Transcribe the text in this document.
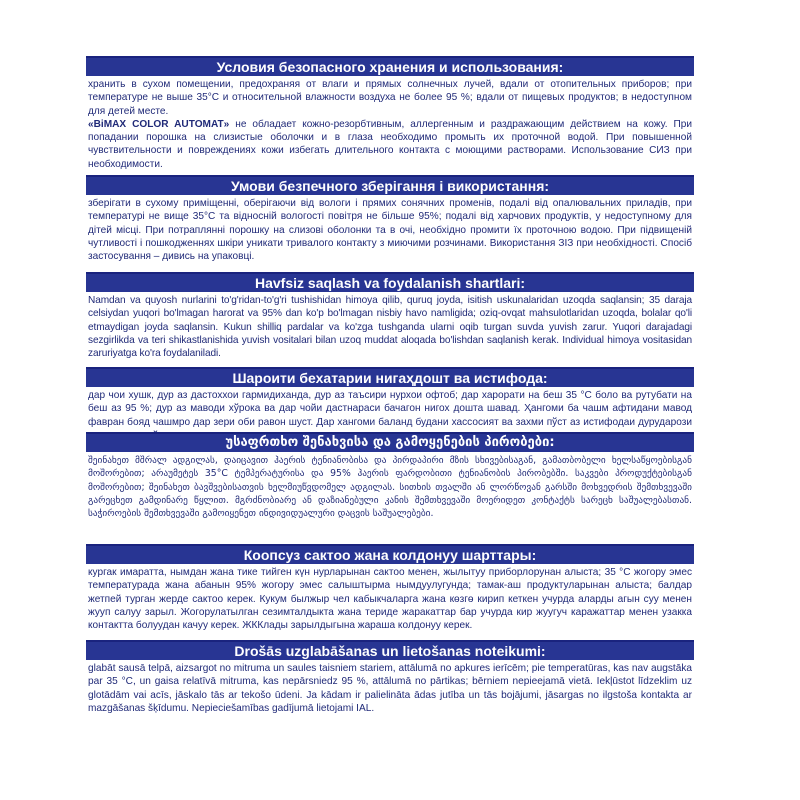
Условия безопасного хранения и использования:
хранить в сухом помещении, предохраняя от влаги и прямых солнечных лучей, вдали от отопительных приборов; при температуре не выше 35°С и относительной влажности воздуха не более 95 %; вдали от пищевых продуктов; в недоступном для детей месте.
«BiMAX COLOR AUTOMAT» не обладает кожно-резорбтивным, аллергенным и раздражающим действием на кожу. При попадании порошка на слизистые оболочки и в глаза необходимо промыть их проточной водой. При повышенной чувствительности и повреждениях кожи избегать длительного контакта с моющими растворами. Использование СИЗ при необходимости.
Умови безпечного зберігання і використання:
зберігати в сухому приміщенні, оберігаючи від вологи і прямих сонячних променів, подалі від опалювальних приладів, при температурі не вище 35°С та відносній вологості повітря не більше 95%; подалі від харчових продуктів, у недоступному для дітей місці. При потраплянні порошку на слизові оболонки та в очі, необхідно промити їх проточною водою. При підвищеній чутливості і пошкодженнях шкіри уникати тривалого контакту з миючими розчинами. Використання ЗІЗ при необхідності. Спосіб застосування – дивись на упаковці.
Havfsiz saqlash va foydalanish shartlari:
Namdan va quyosh nurlarini to'g'ridan-to'g'ri tushishidan himoya qilib, quruq joyda, isitish uskunalaridan uzoqda saqlansin; 35 daraja celsiydan yuqori bo'lmagan harorat va 95% dan ko'p bo'lmagan nisbiy havo namligida; oziq-ovqat mahsulotlaridan uzoqda, bolalar qo'li etmaydigan joyda saqlansin. Kukun shilliq pardalar va ko'zga tushganda ularni oqib turgan suvda yuvish zarur. Yuqori darajadagi sezgirlikda va teri shikastlanishida yuvish vositalari bilan uzoq muddat aloqada bo'lishdan saqlanish kerak. Individual himoya vositasidan zaruriyatga ko'ra foydalaniladi.
Шароити бехатарии нигаҳдошт ва истифода:
дар чои хушк, дур аз дастоххои гармидиханда, дур аз таъсири нурхои офтоб; дар харорати на беш 35 °С боло ва рутубати на беш аз 95 %; дур аз маводи хўрока ва дар чойи дастнараси бачагон нигох дошта шавад. Ҳангоми ба чашм афтидани мавод фавран бояд чашмро дар зери оби равон шуст. Дар хангоми баланд будани хассосият ва захми пўст аз истифодаи дурударози
უსაფრთხო შენახვისა და გამოყენების პირობები:
შეინახეთ მშრალ ადგილას, დაიცავით ჰაერის ტენიანობისა და პირდაპირი მზის სხივებისაგან, გამათბობელი ხელსაწყოებისგან მოშორებით; არაუმეტეს 35°C ტემპერატურისა და 95% ჰაერის ფარდობითი ტენიანობის პირობებში. საკვები პროდუქტებისგან მოშორებით; შეინახეთ ბავშვებისათვის ხელმიუწვდომელ ადგილას. სითხის თვალში ან ლორწოვან გარსში მოხვედრის შემთხვევაში გარეცხეთ გამდინარე წყლით. მგრძნობიარე ან დაზიანებული კანის შემთხვევაში მოერიდეთ კონტაქტს სარეცხ საშუალებასთან. საჭიროების შემთხვევაში გამოიყენეთ ინდივიდუალური დაცვის საშუალებები.
Коопсуз сактоо жана колдонуу шарттары:
кургак имаратта, нымдан жана тике тийген күн нурларынан сактоо менен, жылытуу приборлорунан алыста; 35 °С жогору эмес температурада жана абанын 95% жогору эмес салыштырма нымдуулугунда; тамак-аш продуктуларынан алыста; балдар жетпей турган жерде сактоо керек. Кукум былжыр чел кабыкчаларга жана көзгө кирип кеткен учурда аларды агын суу менен жууп салуу зарыл. Жогорулатылган сезимталдыкта жана териде жаракаттар бар учурда кир жуугуч каражаттар менен узакка контактта болуудан качуу керек. ЖККлады зарылдыгына жараша колдонуу керек.
Drošās uzglabāšanas un lietošanas noteikumi:
glabāt sausā telpā, aizsargot no mitruma un saules taisniem stariem, attālumā no apkures ierīcēm; pie temperatūras, kas nav augstāka par 35 °C, un gaisa relatīvā mitruma, kas nepārsniedz 95 %, attālumā no pārtikas; bērniem nepieejamā vietā. Iekļūstot līdzeklim uz glotādām vai acīs, jāskalo tās ar tekošo ūdeni. Ja kādam ir palielināta ādas jutība un tās bojājumi, jāsargas no ilgstoša kontakta ar mazgāšanas šķīdumu. Nepieciešamības gadījumā lietojami IAL.
